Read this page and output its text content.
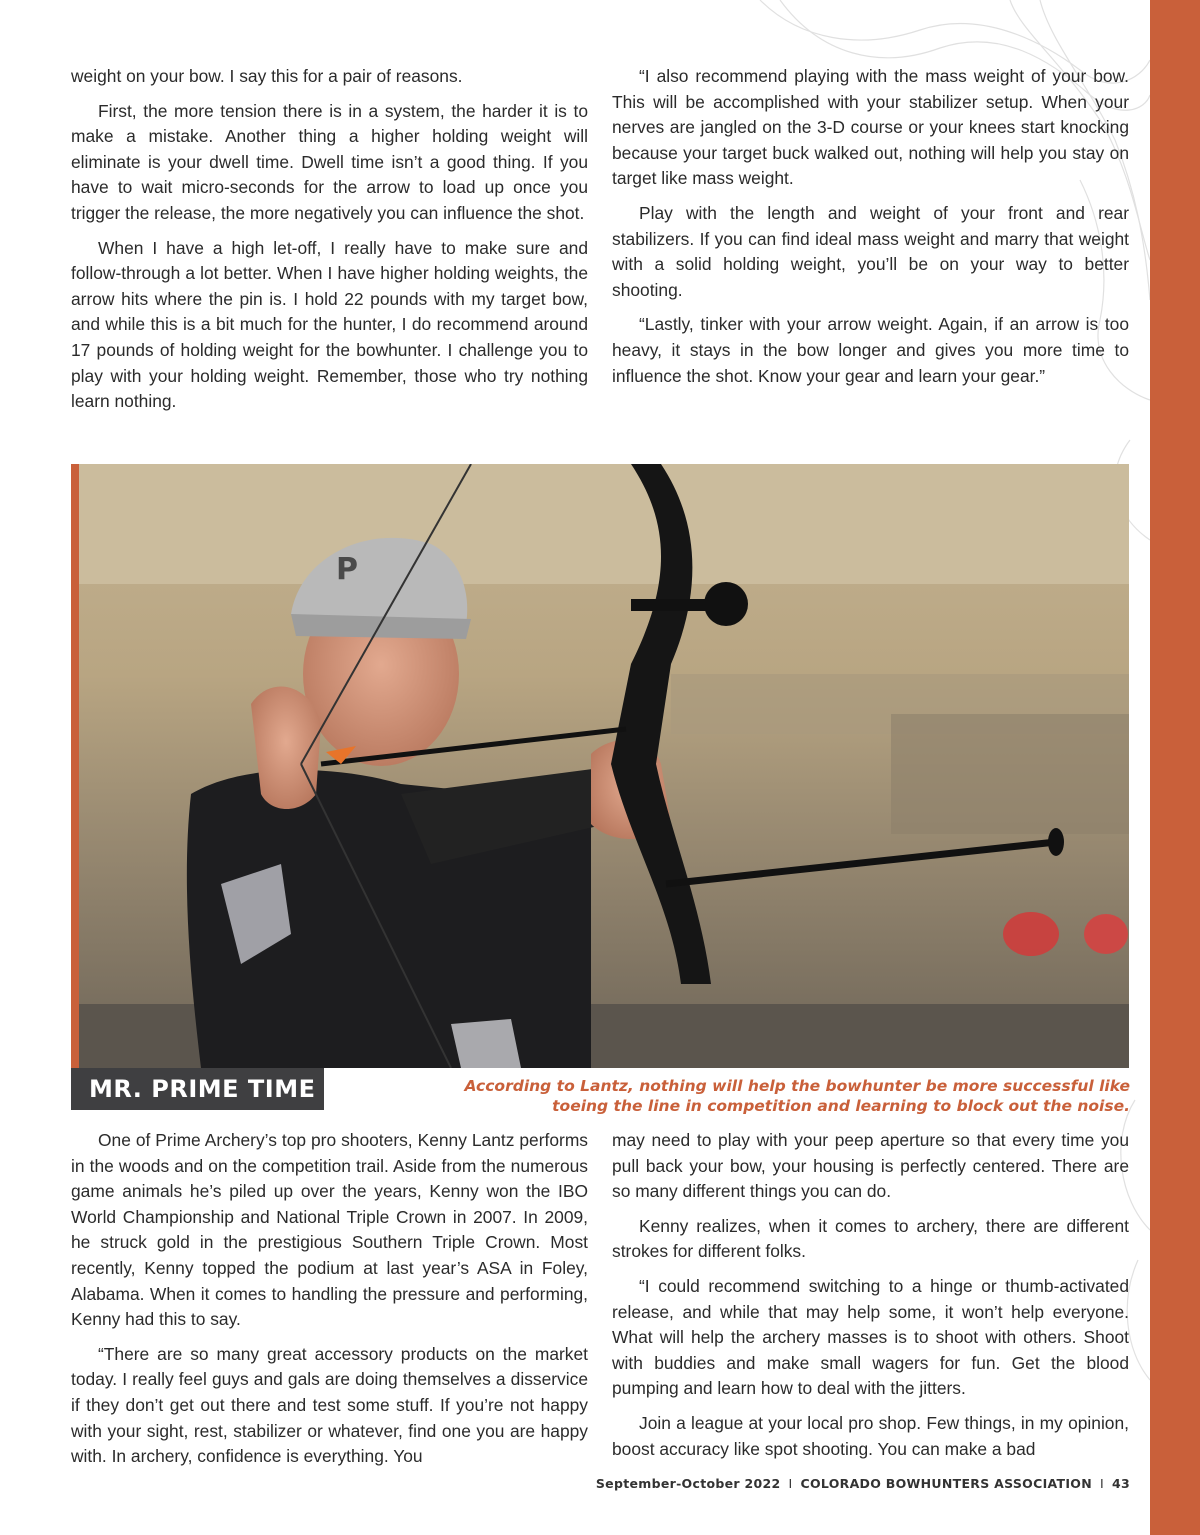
weight on your bow. I say this for a pair of reasons.

First, the more tension there is in a system, the harder it is to make a mistake. Another thing a higher holding weight will eliminate is your dwell time. Dwell time isn’t a good thing. If you have to wait micro-seconds for the arrow to load up once you trigger the release, the more negatively you can influence the shot.

When I have a high let-off, I really have to make sure and follow-through a lot better. When I have higher holding weights, the arrow hits where the pin is. I hold 22 pounds with my target bow, and while this is a bit much for the hunter, I do recommend around 17 pounds of holding weight for the bowhunter. I challenge you to play with your holding weight. Remember, those who try nothing learn nothing.

“I also recommend playing with the mass weight of your bow. This will be accomplished with your stabilizer setup. When your nerves are jangled on the 3-D course or your knees start knocking because your target buck walked out, nothing will help you stay on target like mass weight.

Play with the length and weight of your front and rear stabilizers. If you can find ideal mass weight and marry that weight with a solid holding weight, you’ll be on your way to better shooting.

“Lastly, tinker with your arrow weight. Again, if an arrow is too heavy, it stays in the bow longer and gives you more time to influence the shot. Know your gear and learn your gear.”

P
MR. PRIME TIME	According to Lantz, nothing will help the bowhunter be more successful like
toeing the line in competition and learning to block out the noise.

One of Prime Archery’s top pro shooters, Kenny Lantz performs in the woods and on the competition trail. Aside from the numerous game animals he’s piled up over the years, Kenny won the IBO World Championship and National Triple Crown in 2007. In 2009, he struck gold in the prestigious Southern Triple Crown. Most recently, Kenny topped the podium at last year’s ASA in Foley, Alabama. When it comes to handling the pressure and performing, Kenny had this to say.

“There are so many great accessory products on the market today. I really feel guys and gals are doing themselves a disservice if they don’t get out there and test some stuff. If you’re not happy with your sight, rest, stabilizer or whatever, find one you are happy with. In archery, confidence is everything. You

may need to play with your peep aperture so that every time you pull back your bow, your housing is perfectly centered. There are so many different things you can do.

Kenny realizes, when it comes to archery, there are different strokes for different folks.

“I could recommend switching to a hinge or thumb-activated release, and while that may help some, it won’t help everyone. What will help the archery masses is to shoot with others. Shoot with buddies and make small wagers for fun. Get the blood pumping and learn how to deal with the jitters.

Join a league at your local pro shop. Few things, in my opinion, boost accuracy like spot shooting. You can make a bad

September-October 2022 I COLORADO BOWHUNTERS ASSOCIATION I 43
